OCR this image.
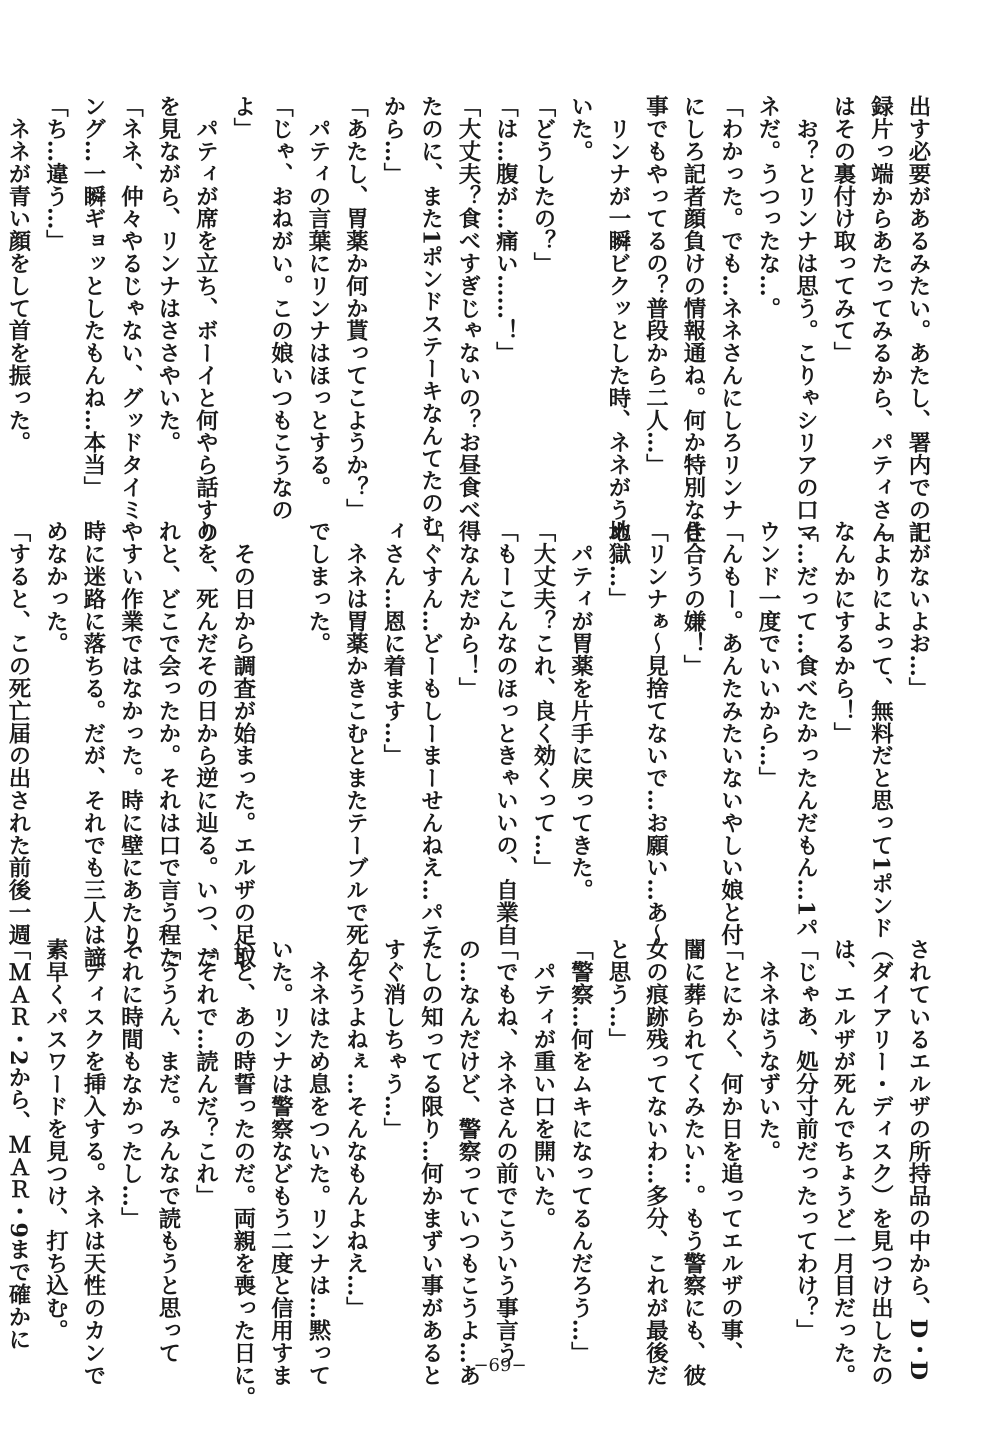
出す必要があるみたい。あたし、署内での記
録片っ端からあたってみるから、パティさん
はその裏付け取ってみて」
　お？とリンナは思う。こりゃシリアの口マ
ネだ。うつったな…。
「わかった。でも…ネネさんにしろリンナ
にしろ記者顔負けの情報通ね。何か特別な仕
事でもやってるの？普段から二人…」
　リンナが一瞬ビクッとした時、ネネがうめ
いた。
「どうしたの？」
「は…腹が…痛い……！」
「大丈夫？食べすぎじゃないの？お昼食べ
たのに、また1ポンドステーキなんてたのむ
から…」
「あたし、胃薬か何か貰ってこようか？」
　パティの言葉にリンナはほっとする。
「じゃ、おねがい。この娘いつもこうなの
よ」
　パティが席を立ち、ボーイと何やら話すの
を見ながら、リンナはささやいた。
「ネネ、仲々やるじゃない、グッドタイミ
ング…一瞬ギョッとしたもんね…本当」
「ち…違う…」
　ネネが青い顔をして首を振った。
ーがないよお…」
「よりによって、無料だと思って1ポンド
なんかにするから！」
「…だって…食べたかったんだもん…1パ
ウンド一度でいいから…」
「んもー。あんたみたいないやしい娘と付
き合うの嫌！」
「リンナぁ〜見捨てないで…お願い…あ〜
地獄…」
　パティが胃薬を片手に戻ってきた。
「大丈夫？これ、良く効くって…」
「もーこんなのほっときゃいいの、自業自
得なんだから！」
「ぐすん…どーもしーまーせんねえ…パテ
ィさん…恩に着ます…」
　ネネは胃薬かきこむとまたテーブルで死ん
でしまった。
　その日から調査が始まった。エルザの足取
りを、死んだその日から逆に辿る。いつ、だ
れと、どこで会ったか。それは口で言う程た
やすい作業ではなかった。時に壁にあたり、
時に迷路に落ちる。だが、それでも三人は諦
めなかった。
「すると、この死亡届の出された前後一週
されているエルザの所持品の中から、D・D
（ダイアリー・ディスク）を見つけ出したの
は、エルザが死んでちょうど一月目だった。
「じゃあ、処分寸前だったってわけ？」
　ネネはうなずいた。
「とにかく、何か日を追ってエルザの事、
闇に葬られてくみたい…。もう警察にも、彼
女の痕跡残ってないわ…多分、これが最後だ
と思う…」
「警察…何をムキになってるんだろう…」
　パティが重い口を開いた。
「でもね、ネネさんの前でこういう事言う
の…なんだけど、警察っていつもこうよ…あ
たしの知ってる限り…何かまずい事があると
すぐ消しちゃう…」
「そうよねぇ…そんなもんよねえ…」
　ネネはため息をついた。リンナは…黙って
いた。リンナは警察などもう二度と信用すま
いと、あの時誓ったのだ。両親を喪った日に。
「それで…読んだ？これ」
「ううん、まだ。みんなで読もうと思って
それに時間もなかったし…」
　ディスクを挿入する。ネネは天性のカンで
素早くパスワードを見つけ、打ち込む。
「ＭＡＲ・2から、ＭＡＲ・9まで確かに
−69−
